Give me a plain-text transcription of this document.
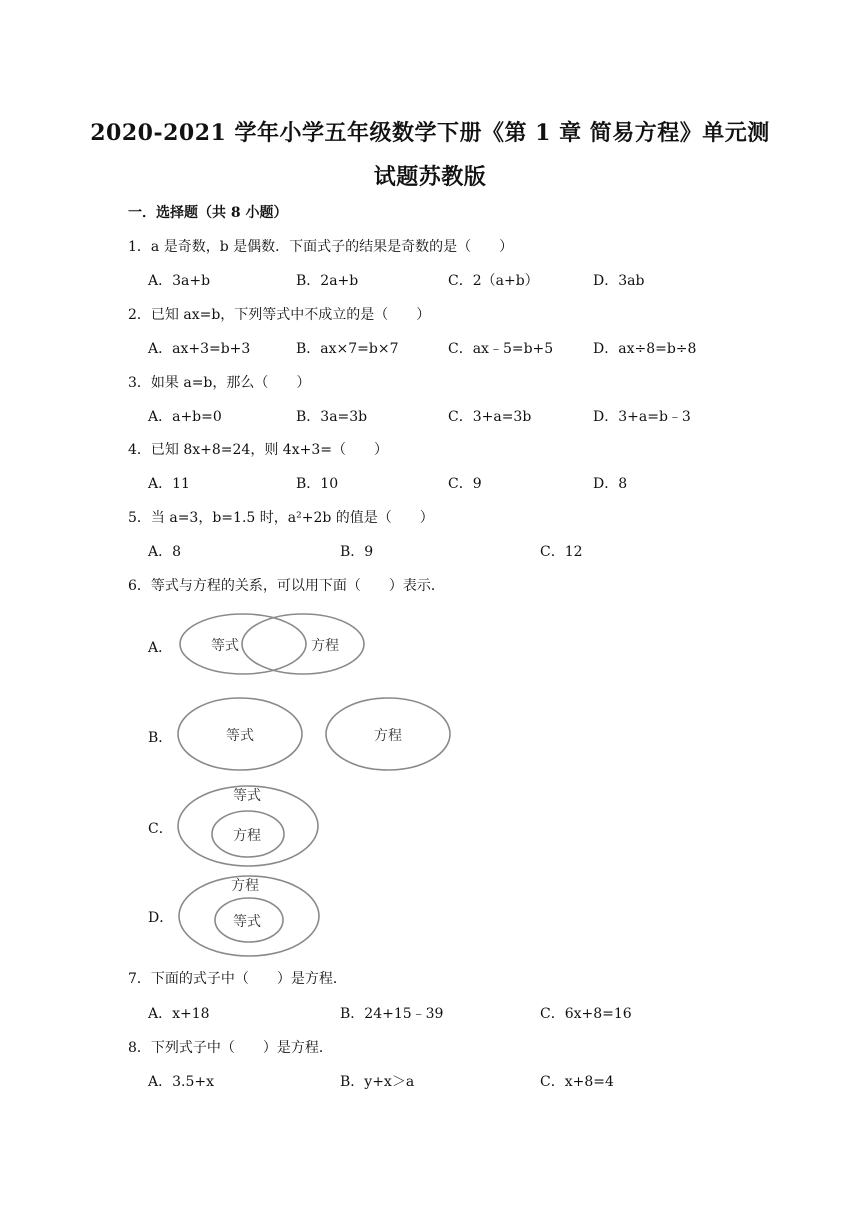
2020-2021 学年小学五年级数学下册《第 1 章 简易方程》单元测
试题苏教版
一．选择题（共 8 小题）
1．a 是奇数，b 是偶数．下面式子的结果是奇数的是（　　）
A．3a+b	B．2a+b	C．2（a+b）	D．3ab
2．已知 ax=b，下列等式中不成立的是（　　）
A．ax+3=b+3	B．ax×7=b×7	C．ax﹣5=b+5	D．ax÷8=b÷8
3．如果 a=b，那么（　　）
A．a+b=0	B．3a=3b	C．3+a=3b	D．3+a=b﹣3
4．已知 8x+8=24，则 4x+3=（　　）
A．11	B．10	C．9	D．8
5．当 a=3，b=1.5 时，a²+2b 的值是（　　）
A．8	B．9	C．12
6．等式与方程的关系，可以用下面（　　）表示．
A．	等式	方程
B．	等式	方程
C．
等式
方程
D．
方程
等式
7．下面的式子中（　　）是方程．
A．x+18	B．24+15﹣39	C．6x+8=16
8．下列式子中（　　）是方程．
A．3.5+x	B．y+x＞a	C．x+8=4
